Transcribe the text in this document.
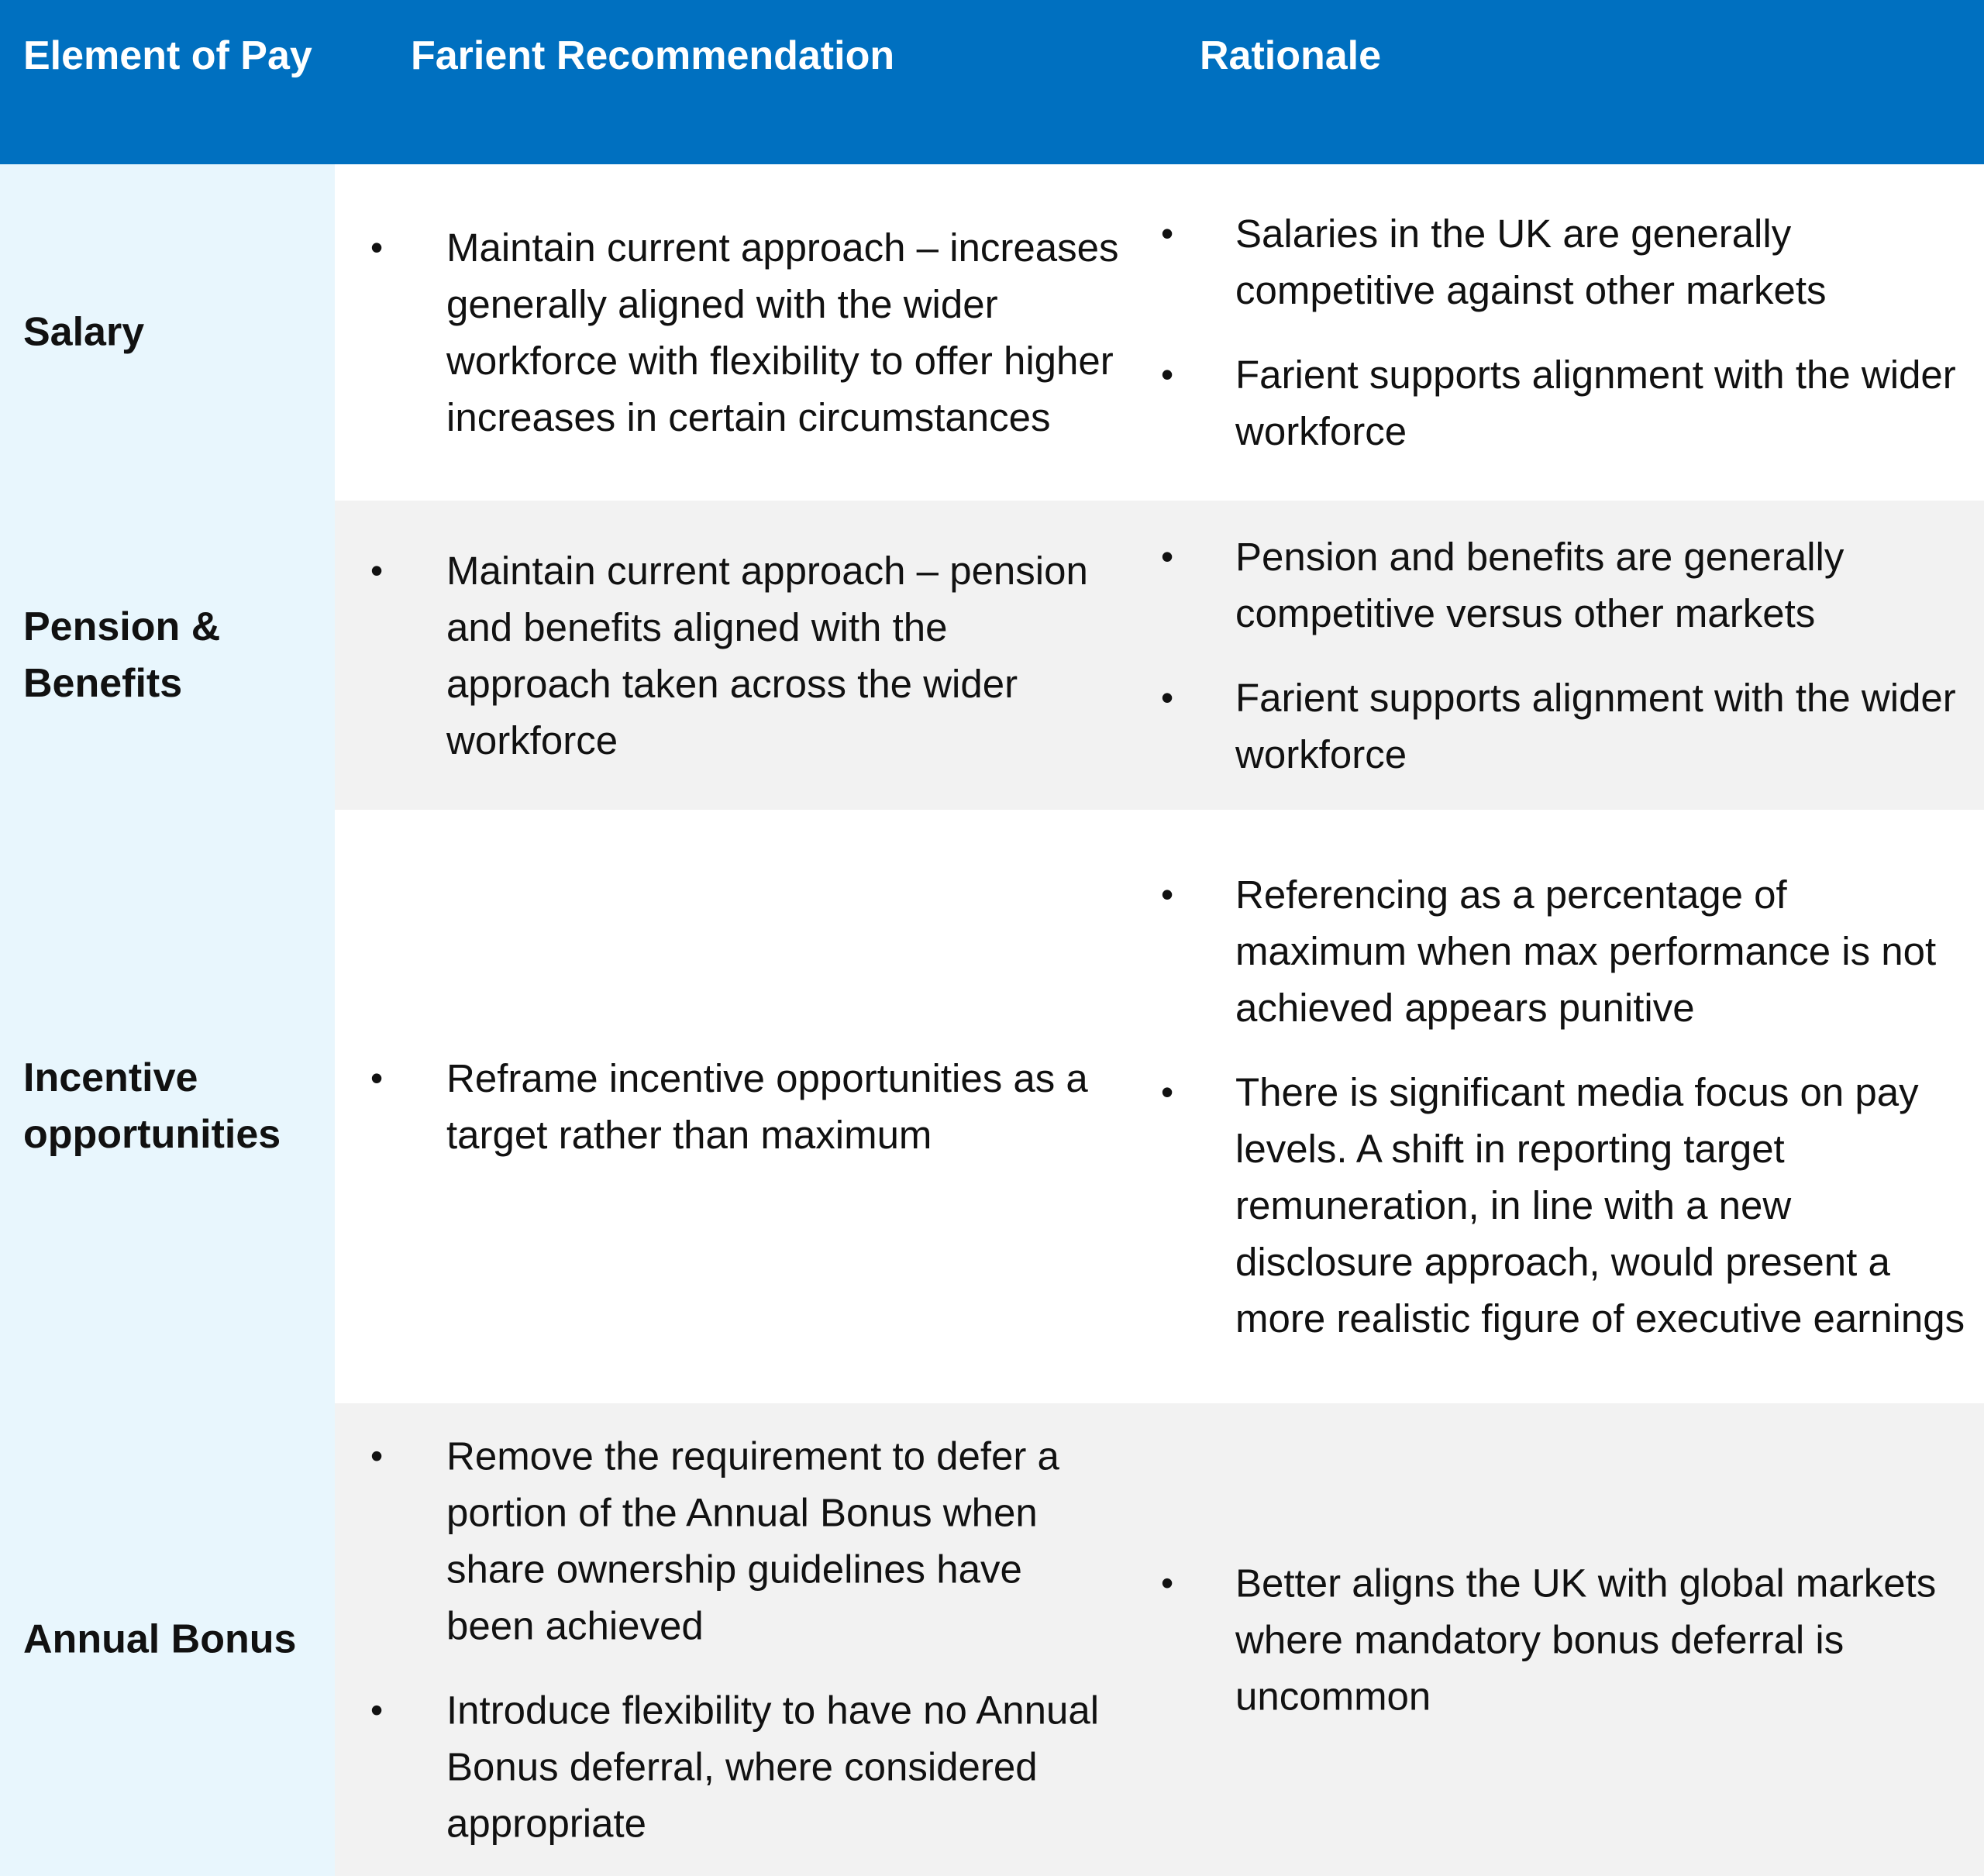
Element of Pay Farient Recommendation	Rationale
Salary
• Maintain current approach – increases generally aligned with the wider workforce with flexibility to offer higher increases in certain circumstances
• Salaries in the UK are generally competitive against other markets
• Farient supports alignment with the wider workforce
Pension & Benefits
• Maintain current approach – pension and benefits aligned with the approach taken across the wider workforce
• Pension and benefits are generally competitive versus other markets
• Farient supports alignment with the wider workforce
Incentive opportunities
• Reframe incentive opportunities as a target rather than maximum
• Referencing as a percentage of maximum when max performance is not achieved appears punitive
• There is significant media focus on pay levels. A shift in reporting target remuneration, in line with a new disclosure approach, would present a more realistic figure of executive earnings
Annual Bonus
• Remove the requirement to defer a portion of the Annual Bonus when share ownership guidelines have been achieved
• Introduce flexibility to have no Annual Bonus deferral, where considered appropriate
• Better aligns the UK with global markets where mandatory bonus deferral is uncommon
